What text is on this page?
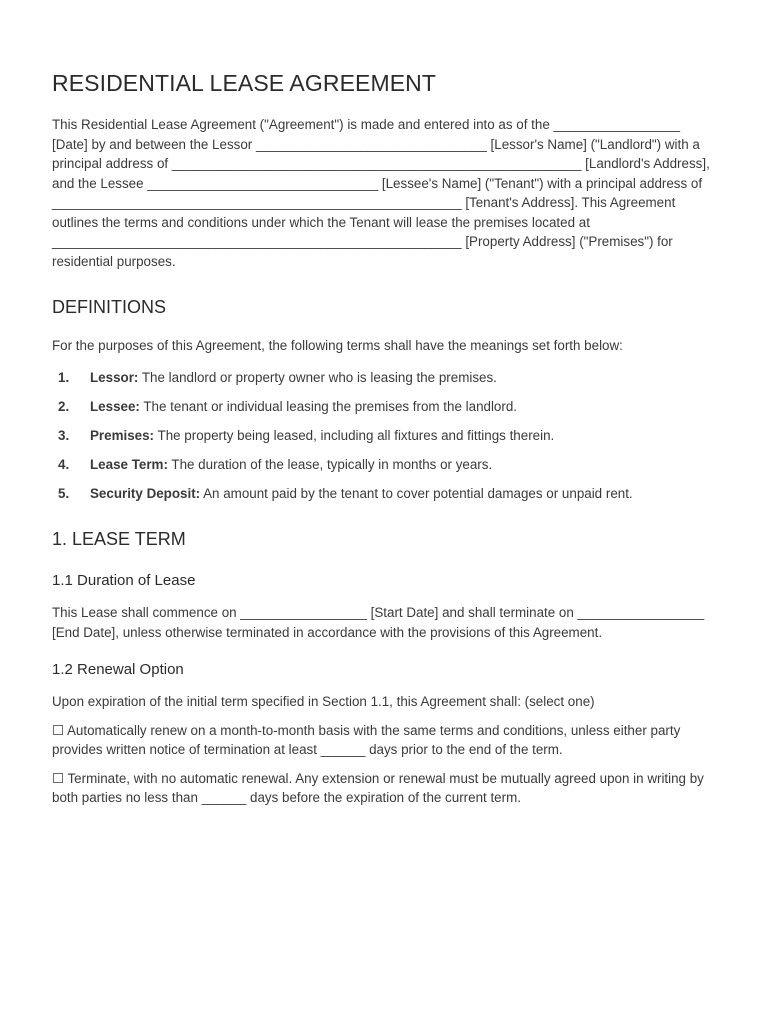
RESIDENTIAL LEASE AGREEMENT

This Residential Lease Agreement ("Agreement") is made and entered into as of the _________________ [Date] by and between the Lessor _______________________________ [Lessor's Name] ("Landlord") with a principal address of _______________________________________________________ [Landlord's Address], and the Lessee _______________________________ [Lessee's Name] ("Tenant") with a principal address of _______________________________________________________ [Tenant's Address]. This Agreement outlines the terms and conditions under which the Tenant will lease the premises located at _______________________________________________________ [Property Address] ("Premises") for residential purposes.

DEFINITIONS

For the purposes of this Agreement, the following terms shall have the meanings set forth below:

1.	Lessor: The landlord or property owner who is leasing the premises.
2.	Lessee: The tenant or individual leasing the premises from the landlord.
3.	Premises: The property being leased, including all fixtures and fittings therein.
4.	Lease Term: The duration of the lease, typically in months or years.
5.	Security Deposit: An amount paid by the tenant to cover potential damages or unpaid rent.
1. LEASE TERM
1.1 Duration of Lease

This Lease shall commence on _________________ [Start Date] and shall terminate on _________________ [End Date], unless otherwise terminated in accordance with the provisions of this Agreement.

1.2 Renewal Option

Upon expiration of the initial term specified in Section 1.1, this Agreement shall: (select one)

☐ Automatically renew on a month-to-month basis with the same terms and conditions, unless either party provides written notice of termination at least ______ days prior to the end of the term.

☐ Terminate, with no automatic renewal. Any extension or renewal must be mutually agreed upon in writing by both parties no less than ______ days before the expiration of the current term.
